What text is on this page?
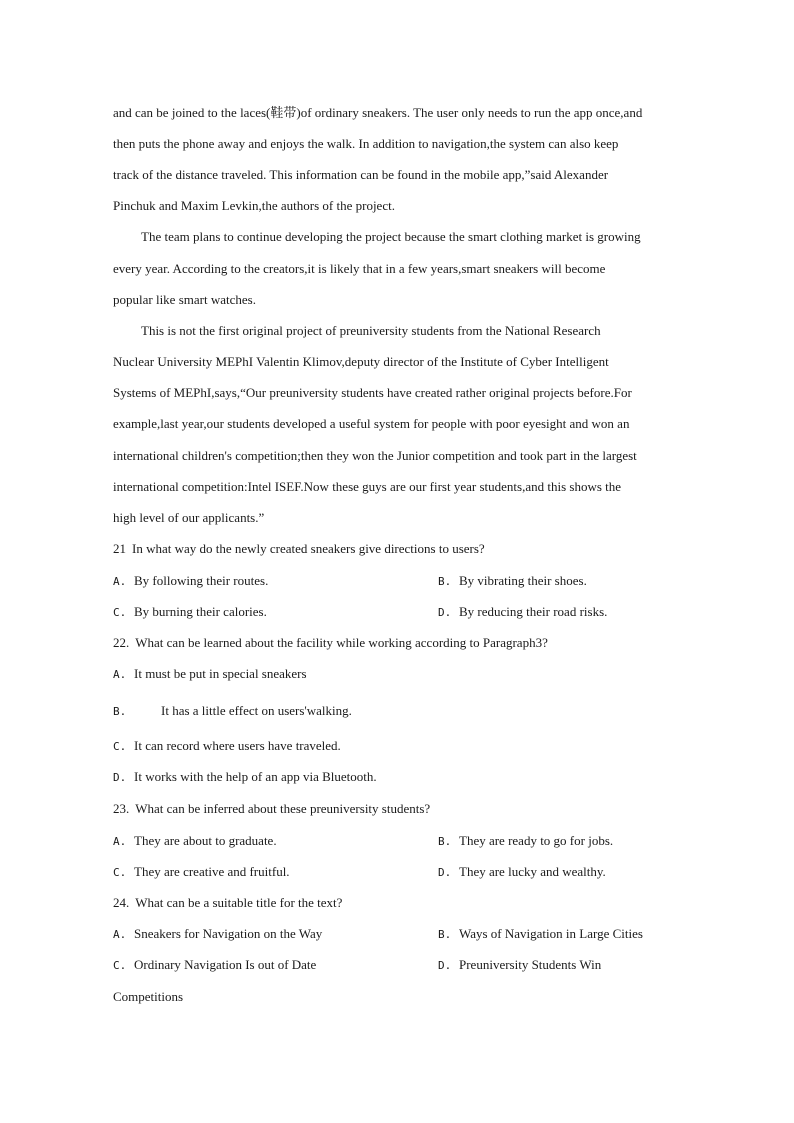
and can be joined to the laces(鞋带)of ordinary sneakers. The user only needs to run the app once,and
then puts the phone away and enjoys the walk. In addition to navigation,the system can also keep
track of the distance traveled. This information can be found in the mobile app,”said Alexander
Pinchuk and Maxim Levkin,the authors of the project.
The team plans to continue developing the project because the smart clothing market is growing
every year. According to the creators,it is likely that in a few years,smart sneakers will become
popular like smart watches.
This is not the first original project of preuniversity students from the National Research
Nuclear University MEPhI Valentin Klimov,deputy director of the Institute of Cyber Intelligent
Systems of MEPhI,says,“Our preuniversity students have created rather original projects before.For
example,last year,our students developed a useful system for people with poor eyesight and won an
international children's competition;then they won the Junior competition and took part in the largest
international competition:Intel ISEF.Now these guys are our first year students,and this shows the
high level of our applicants.”
21 In what way do the newly created sneakers give directions to users?
A. By following their routes.	B. By vibrating their shoes.
C. By burning their calories.	D. By reducing their road risks.
22. What can be learned about the facility while working according to Paragraph3?
A. It must be put in special sneakers
B.	It has a little effect on users'walking.
C. It can record where users have traveled.
D. It works with the help of an app via Bluetooth.
23. What can be inferred about these preuniversity students?
A. They are about to graduate.	B. They are ready to go for jobs.
C. They are creative and fruitful.	D. They are lucky and wealthy.
24. What can be a suitable title for the text?
A. Sneakers for Navigation on the Way	B. Ways of Navigation in Large Cities
C. Ordinary Navigation Is out of Date	D. Preuniversity Students Win
Competitions
